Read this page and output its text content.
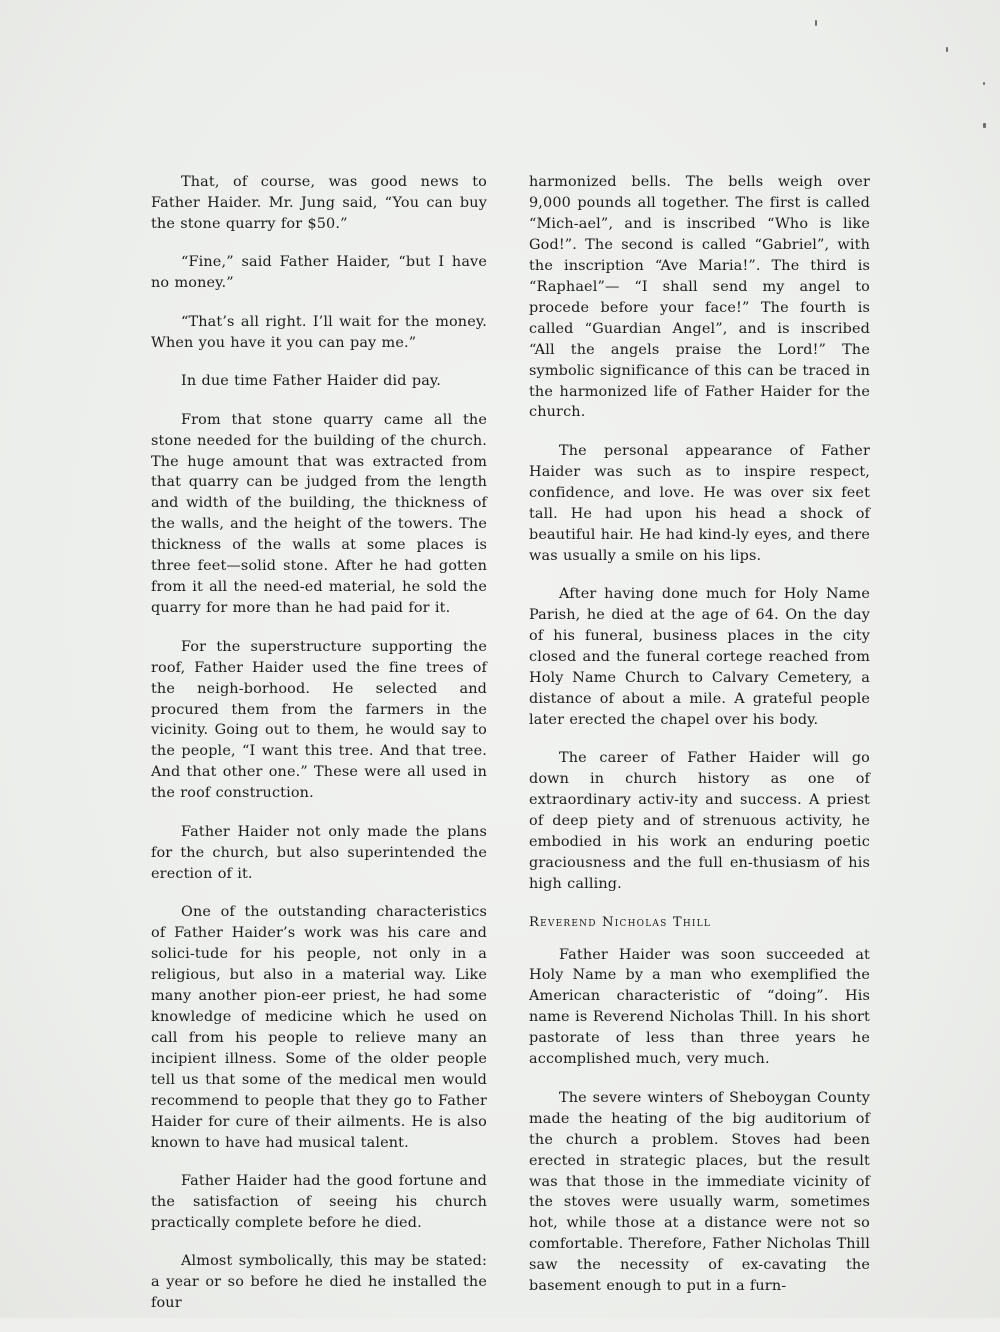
That, of course, was good news to Father Haider. Mr. Jung said, “You can buy the stone quarry for $50.”

“Fine,” said Father Haider, “but I have no money.”

“That’s all right. I’ll wait for the money. When you have it you can pay me.”

In due time Father Haider did pay.

From that stone quarry came all the stone needed for the building of the church. The huge amount that was extracted from that quarry can be judged from the length and width of the building, the thickness of the walls, and the height of the towers. The thickness of the walls at some places is three feet—solid stone. After he had gotten from it all the need-ed material, he sold the quarry for more than he had paid for it.

For the superstructure supporting the roof, Father Haider used the fine trees of the neigh-borhood. He selected and procured them from the farmers in the vicinity. Going out to them, he would say to the people, “I want this tree. And that tree. And that other one.” These were all used in the roof construction.

Father Haider not only made the plans for the church, but also superintended the erection of it.

One of the outstanding characteristics of Father Haider’s work was his care and solici-tude for his people, not only in a religious, but also in a material way. Like many another pion-eer priest, he had some knowledge of medicine which he used on call from his people to relieve many an incipient illness. Some of the older people tell us that some of the medical men would recommend to people that they go to Father Haider for cure of their ailments. He is also known to have had musical talent.

Father Haider had the good fortune and the satisfaction of seeing his church practically complete before he died.

Almost symbolically, this may be stated: a year or so before he died he installed the four

harmonized bells. The bells weigh over 9,000 pounds all together. The first is called “Mich-ael”, and is inscribed “Who is like God!”. The second is called “Gabriel”, with the inscription “Ave Maria!”. The third is “Raphael”— “I shall send my angel to procede before your face!” The fourth is called “Guardian Angel”, and is inscribed “All the angels praise the Lord!” The symbolic significance of this can be traced in the harmonized life of Father Haider for the church.

The personal appearance of Father Haider was such as to inspire respect, confidence, and love. He was over six feet tall. He had upon his head a shock of beautiful hair. He had kind-ly eyes, and there was usually a smile on his lips.

After having done much for Holy Name Parish, he died at the age of 64. On the day of his funeral, business places in the city closed and the funeral cortege reached from Holy Name Church to Calvary Cemetery, a distance of about a mile. A grateful people later erected the chapel over his body.

The career of Father Haider will go down in church history as one of extraordinary activ-ity and success. A priest of deep piety and of strenuous activity, he embodied in his work an enduring poetic graciousness and the full en-thusiasm of his high calling.

Reverend Nicholas Thill

Father Haider was soon succeeded at Holy Name by a man who exemplified the American characteristic of “doing”. His name is Reverend Nicholas Thill. In his short pastorate of less than three years he accomplished much, very much.

The severe winters of Sheboygan County made the heating of the big auditorium of the church a problem. Stoves had been erected in strategic places, but the result was that those in the immediate vicinity of the stoves were usually warm, sometimes hot, while those at a distance were not so comfortable. Therefore, Father Nicholas Thill saw the necessity of ex-cavating the basement enough to put in a furn-
